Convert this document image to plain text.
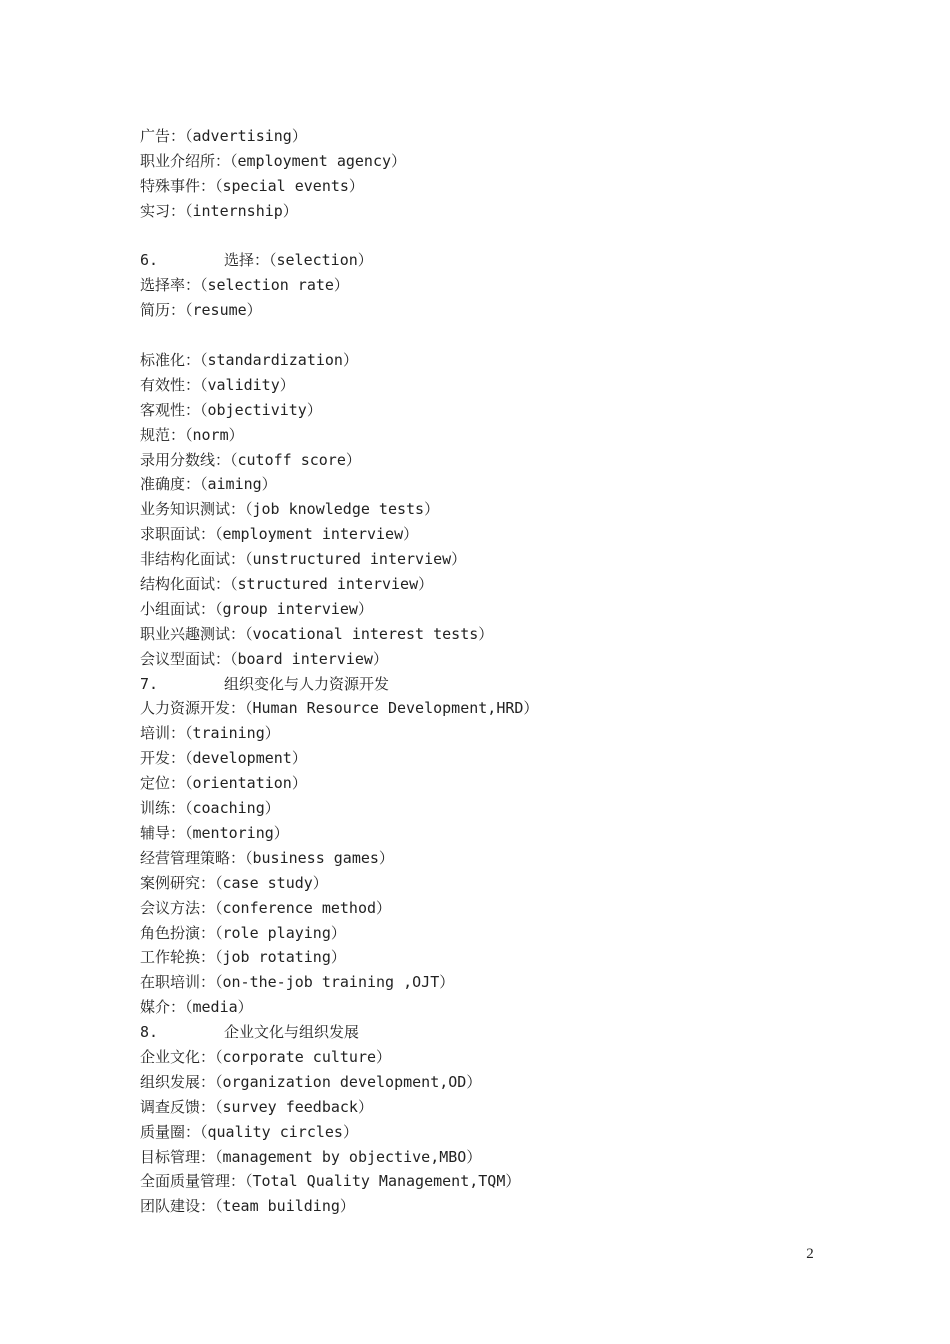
广告：（advertising）
职业介绍所：（employment agency）
特殊事件：（special events）
实习：（internship）
6.	选择：（selection）
选择率：（selection rate）
简历：（resume）
标准化：（standardization）
有效性：（validity）
客观性：（objectivity）
规范：（norm）
录用分数线：（cutoff score）
准确度：（aiming）
业务知识测试：（job knowledge tests）
求职面试：（employment interview）
非结构化面试：（unstructured interview）
结构化面试：（structured interview）
小组面试：（group interview）
职业兴趣测试：（vocational interest tests）
会议型面试：（board interview）
7.	组织变化与人力资源开发
人力资源开发：（Human Resource Development,HRD）
培训：（training）
开发：（development）
定位：（orientation）
训练：（coaching）
辅导：（mentoring）
经营管理策略：（business games）
案例研究：（case study）
会议方法：（conference method）
角色扮演：（role playing）
工作轮换：（job rotating）
在职培训：（on-the-job training ,OJT）
媒介：（media）
8.	企业文化与组织发展
企业文化：（corporate culture）
组织发展：（organization development,OD）
调查反馈：（survey feedback）
质量圈：（quality circles）
目标管理：（management by objective,MBO）
全面质量管理：（Total Quality Management,TQM）
团队建设：（team building）
2
